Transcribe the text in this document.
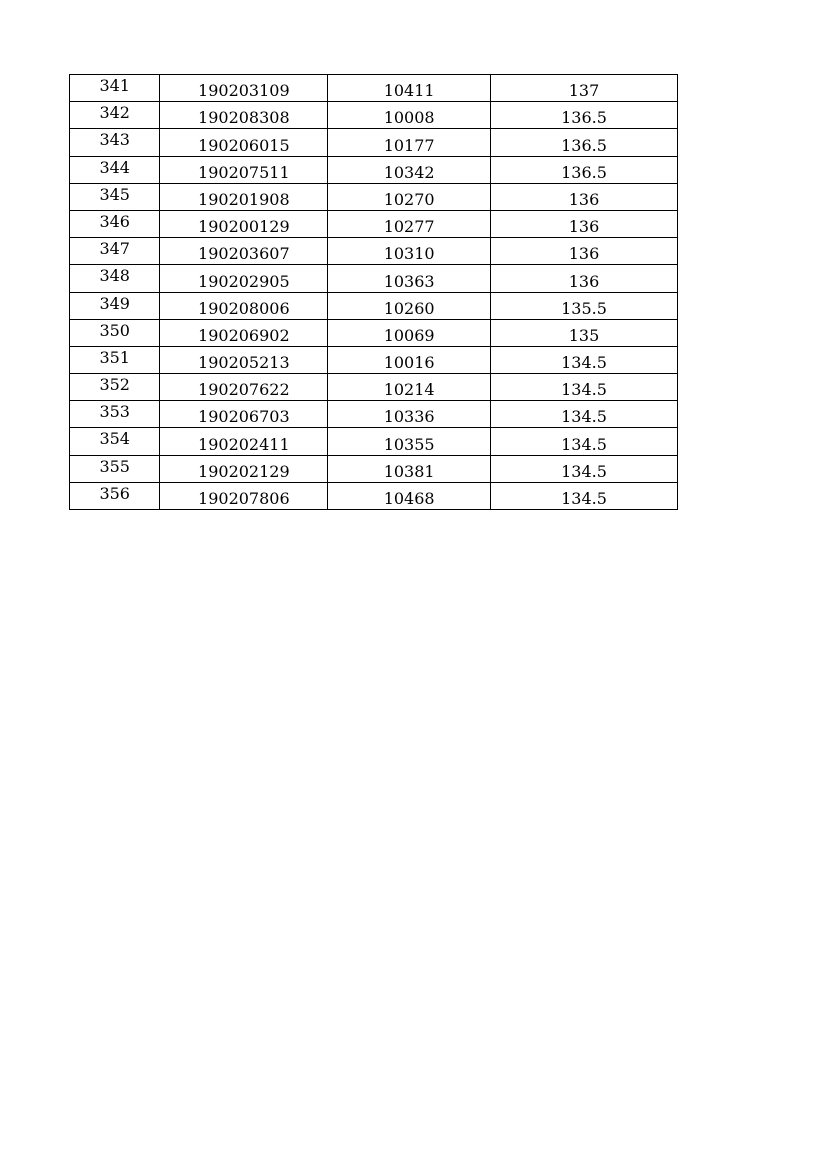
341	190203109	10411	137
342	190208308	10008	136.5
343	190206015	10177	136.5
344	190207511	10342	136.5
345	190201908	10270	136
346	190200129	10277	136
347	190203607	10310	136
348	190202905	10363	136
349	190208006	10260	135.5
350	190206902	10069	135
351	190205213	10016	134.5
352	190207622	10214	134.5
353	190206703	10336	134.5
354	190202411	10355	134.5
355	190202129	10381	134.5
356	190207806	10468	134.5
